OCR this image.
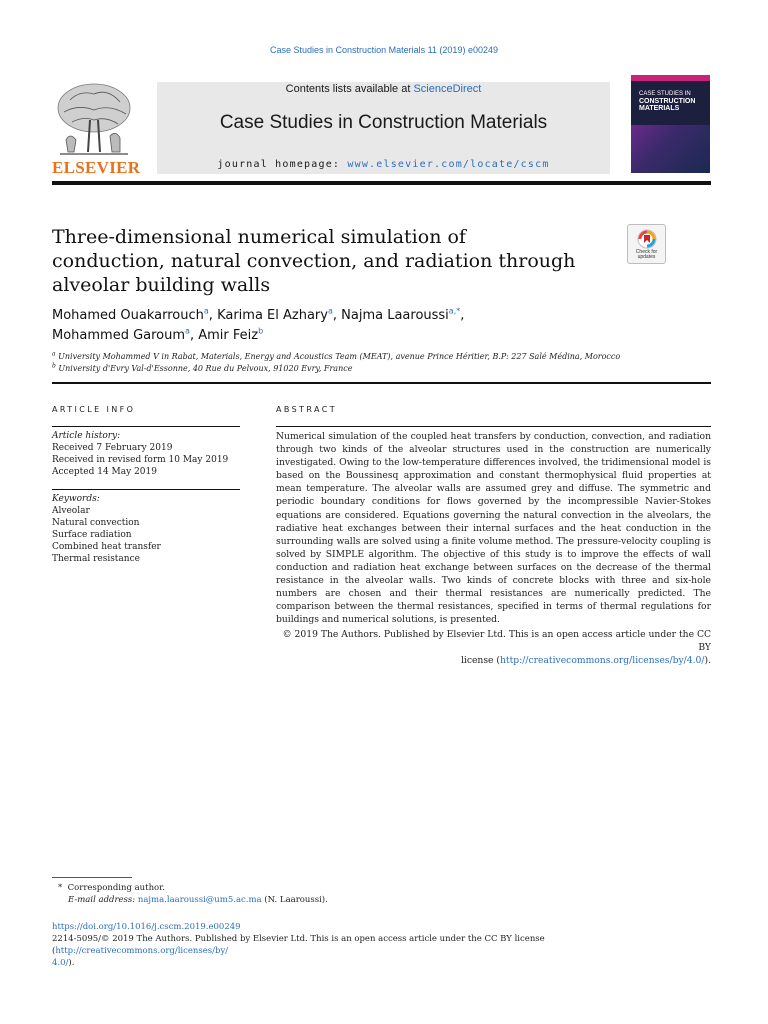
Case Studies in Construction Materials 11 (2019) e00249
ELSEVIER
Contents lists available at ScienceDirect
Case Studies in Construction Materials
journal homepage: www.elsevier.com/locate/cscm
CASE STUDIES IN
CONSTRUCTION
MATERIALS
Three-dimensional numerical simulation of conduction, natural convection, and radiation through alveolar building walls
Check for updates
Mohamed Ouakarrouch$^a$, Karima El Azhary$^a$, Najma Laaroussi$^{a,*}$,
Mohammed Garoum$^a$, Amir Feiz$^b$
$^a$ University Mohammed V in Rabat, Materials, Energy and Acoustics Team (MEAT), avenue Prince Héritier, B.P: 227 Salé Médina, Morocco
$^b$ University d'Evry Val-d'Essonne, 40 Rue du Pelvoux, 91020 Evry, France
ARTICLE INFO	ABSTRACT
Article history:
Received 7 February 2019
Received in revised form 10 May 2019
Accepted 14 May 2019
Keywords:
Alveolar
Natural convection
Surface radiation
Combined heat transfer
Thermal resistance
Numerical simulation of the coupled heat transfers by conduction, convection, and radiation through two kinds of the alveolar structures used in the construction are numerically investigated. Owing to the low-temperature differences involved, the tridimensional model is based on the Boussinesq approximation and constant thermophysical fluid properties at mean temperature. The alveolar walls are assumed grey and diffuse. The symmetric and periodic boundary conditions for flows governed by the incompressible Navier-Stokes equations are considered. Equations governing the natural convection in the alveolars, the radiative heat exchanges between their internal surfaces and the heat conduction in the surrounding walls are solved using a finite volume method. The pressure-velocity coupling is solved by SIMPLE algorithm. The objective of this study is to improve the effects of wall conduction and radiation heat exchange between surfaces on the decrease of the thermal resistance in the alveolar walls. Two kinds of concrete blocks with three and six-hole numbers are chosen and their thermal resistances are numerically predicted. The comparison between the thermal resistances, specified in terms of thermal regulations for buildings and numerical solutions, is presented.
© 2019 The Authors. Published by Elsevier Ltd. This is an open access article under the CC BY
license (http://creativecommons.org/licenses/by/4.0/).
* Corresponding author.
E-mail address: najma.laaroussi@um5.ac.ma (N. Laaroussi).
https://doi.org/10.1016/j.cscm.2019.e00249
2214-5095/© 2019 The Authors. Published by Elsevier Ltd. This is an open access article under the CC BY license (http://creativecommons.org/licenses/by/
4.0/).
